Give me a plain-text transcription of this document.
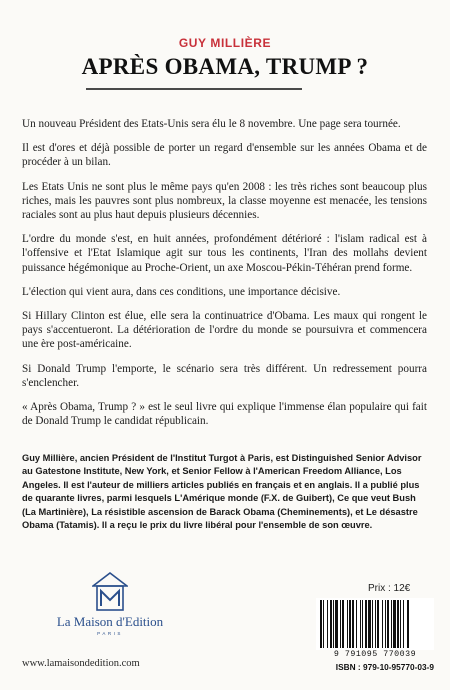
GUY MILLIÈRE
APRÈS OBAMA, TRUMP ?

Un nouveau Président des Etats-Unis sera élu le 8 novembre. Une page sera tournée.

Il est d'ores et déjà possible de porter un regard d'ensemble sur les années Obama et de procéder à un bilan.

Les Etats Unis ne sont plus le même pays qu'en 2008 : les très riches sont beaucoup plus riches, mais les pauvres sont plus nombreux, la classe moyenne est menacée, les tensions raciales sont au plus haut depuis plusieurs décennies.

L'ordre du monde s'est, en huit années, profondément détérioré : l'islam radical est à l'offensive et l'Etat Islamique agit sur tous les continents, l'Iran des mollahs devient puissance hégémonique au Proche-Orient, un axe Moscou-Pékin-Téhéran prend forme.

L'élection qui vient aura, dans ces conditions, une importance décisive.

Si Hillary Clinton est élue, elle sera la continuatrice d'Obama. Les maux qui rongent le pays s'accentueront. La détérioration de l'ordre du monde se poursuivra et commencera une ère post-américaine.

Si Donald Trump l'emporte, le scénario sera très différent. Un redressement pourra s'enclencher.

« Après Obama, Trump ? » est le seul livre qui explique l'immense élan populaire qui fait de Donald Trump le candidat républicain.

Guy Millière, ancien Président de l'Institut Turgot à Paris, est Distinguished Senior Advisor au Gatestone Institute, New York, et Senior Fellow à l'American Freedom Alliance, Los Angeles. Il est l'auteur de milliers articles publiés en français et en anglais. Il a publié plus de quarante livres, parmi lesquels L'Amérique monde (F.X. de Guibert), Ce que veut Bush (La Martinière), La résistible ascension de Barack Obama (Cheminements), et Le désastre Obama (Tatamis). Il a reçu le prix du livre libéral pour l'ensemble de son œuvre.
La Maison d'Edition
PARIS
www.lamaisondedition.com
Prix : 12€
9 791095 770039
ISBN : 979-10-95770-03-9
